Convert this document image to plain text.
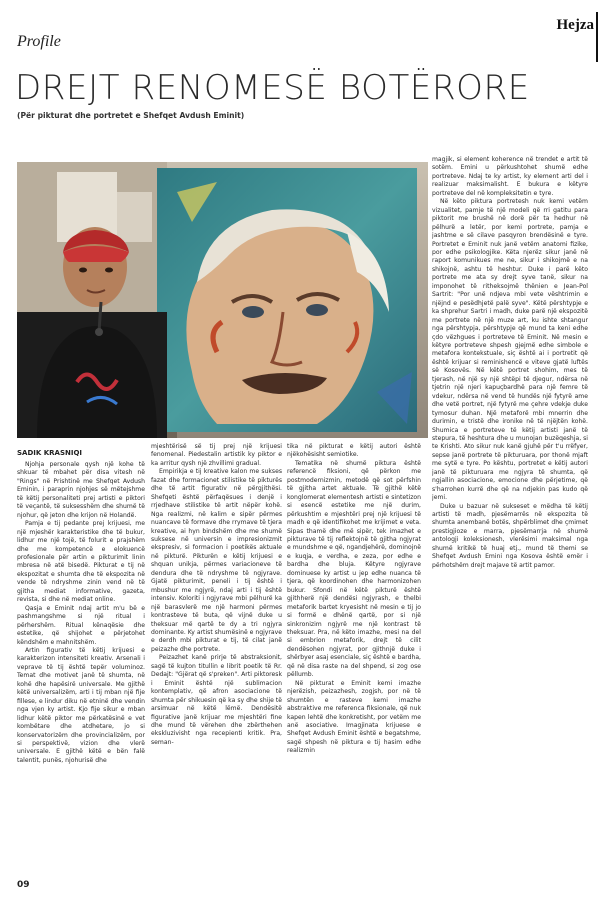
Profile
Hejza
DREJT RENOMESË BOTËRORE
(Për pikturat dhe portretet e Shefqet Avdush Eminit)
SADIK KRASNIQI

Njohja personale qysh një kohe të shkuar të mbahet për disa vitesh në "Rings" në Prishtinë me Shefqet Avdush Eminin, i paraprin njohjes së mëtejshme të këtij personaliteti prej artisti e piktori të veçantë, të suksesshëm dhe shumë të njohur, që jeton dhe krijon në Holandë.

Pamja e tij pedante prej krijuesi, me një mjeshër karakteristike dhe të bukur, lidhur me një tojë, të folurit e prajshëm dhe me kompetencë e elokuencë profesionale për artin e pikturimit linin mbresa në atë bisedë. Pikturat e tij në ekspozitat e shumta dhe të ekspozita në vende të ndryshme zinin vend në të gjitha mediat informative, gazeta, revista, si dhe në mediat online.

Qasja e Eminit ndaj artit m'u bë e pashmangshme si një ritual i përhershëm. Ritual kënaqësie dhe estetike, që shijohet e përjetohet këndshëm e mahnitshëm.

Artin figurativ të këtij krijuesi e karakterizon intensiteti kreativ. Arsenali i veprave të tij është tepër voluminoz. Temat dhe motivet janë të shumta, në kohë dhe hapësirë universale. Me gjithë këtë universalizëm, arti i tij mban një fije fillese, e lindur diku në etninë dhe vendin nga vjen ky artist. Kjo fije sikur e mban lidhur këtë piktor me përkatësinë e vet kombëtare dhe atdhetare, jo si konservatorizëm dhe provincializëm, por si perspektivë, vizion dhe vlerë universale. E gjithë këtë e bën falë talentit, punës, njohurisë dhe

mjeshtërisë së tij prej një krijuesi fenomenal. Piedestalin artistik ky piktor e ka arritur qysh një zhvillimi gradual.

Empirikja e tij kreative kalon me sukses fazat dhe formacionet stilistike të pikturës dhe të artit figurativ në përgjithësi. Shefqeti është përfaqësues i denjë i rrjedhave stilistike të artit nëpër kohë. Nga realizmi, në kalim e sipër përmes nuancave të formave dhe rrymave të tjera kreative, ai hyn bindshëm dhe me shumë suksese në universin e impresionizmit ekspresiv, si formacion i poetikës aktuale në pikturë. Pikturën e këtij krijuesi e shquan unikja, përmes variacioneve të dendura dhe të ndryshme të ngjyrave. Gjatë pikturimit, peneli i tij është i mbushur me ngjyrë, ndaj arti i tij është intensiv. Koloriti i ngjyrave mbi pëlhurë ka një barasvlerë me një harmoni përmes kontrasteve të buta, që vijnë duke u theksuar më qartë te dy a tri ngjyra dominante. Ky artist shumësinë e ngjyrave e derdh mbi pikturat e tij, të cilat janë peizazhe dhe portrete.

Peizazhet kanë prirje të abstraksionit, sagë të kujton titullin e librit poetik të Rr. Dedajt: "Gjërat që s'preken". Arti piktoresk i Eminit është një sublimacion kontemplativ, që afron asociacione të shumta për shikuesin që ka sy dhe shije të arsimuar në këtë lëmë. Dendësitë figurative janë krijuar me mjeshtëri fine dhe mund të vërehen dhe zbërthehen ekskluzivisht nga recepienti kritik. Pra, seman-

tika në pikturat e këtij autori është njëkohësisht semiotike.

Tematika në shumë piktura është referencë fiksioni, që përkon me postmodernizmin, metodë që sot përfshin të gjitha artet aktuale. Të gjithë këtë konglomerat elementesh artisti e sintetizon si esencë estetike me një durim, përkushtim e mjeshtëri prej një krijuesi të madh e që identifikohet me krijimet e veta. Sipas thamë dhe më sipër, tek imazhet e pikturave të tij reflektojnë të gjitha ngjyrat e mundshme e që, ngandjehërë, dominojnë e kuqja, e verdha, e zeza, por edhe e bardha dhe bluja. Këtyre ngjyrave dominuese ky artist u jep edhe nuanca të tjera, që koordinohen dhe harmonizohen bukur. Sfondi në këtë pikturë është gjithherë një dendësi ngjyrash, e thelbi metaforik bartet kryesisht në mesin e tij jo si formë e dhënë qartë, por si një sinkronizim ngjyrë me një kontrast të theksuar. Pra, në këto imazhe, mesi na del si embrion metaforik, drejt të cilit dendësohen ngjyrat, por gjithnjë duke i shërbyer asaj esenciale, siç është e bardha, që në disa raste na del shpend, si zog ose pëllumb.

Në pikturat e Eminit kemi imazhe njerëzish, peizazhesh, zogjsh, por në të shumtën e rasteve kemi imazhe abstraktive me referenca fiksionale, që nuk kapen lehtë dhe konkretisht, por vetëm me anë asociative. Imagjinata krijuese e Shefqet Avdush Eminit është e begatshme, sagë shpesh në piktura e tij hasim edhe realizmin

magjik, si element koherence në trendet e artit të sotëm. Emini u përkushtohet shumë edhe portreteve. Ndaj te ky artist, ky element arti del i realizuar maksimalisht. E bukura e këtyre portreteve del në kompleksitetin e tyre.

Në këto piktura portretesh nuk kemi vetëm vizualitet, pamje të një modeli që rri gatitu para piktorit me brushë në dorë për ta hedhur në pëlhurë a letër, por kemi portrete, pamja e jashtme e së cilave pasqyron brendësinë e tyre. Portretet e Eminit nuk janë vetëm anatomi fizike, por edhe psikologjike. Këta njerëz sikur janë në raport komunikues me ne, sikur i shikojmë e na shikojnë, ashtu të heshtur. Duke i parë këto portrete me ata sy drejt syve tanë, sikur na imponohet të ritheksojmë thënien e Jean-Pol Sartrit: "Por unë ndjeva mbi vete vështrimin e njëjnd e pesëdhjetë palë syve". Këtë përshtypje e ka shprehur Sartri i madh, duke parë një ekspozitë me portrete në një muze art, ku ishte shtangur nga përshtypja, përshtypje që mund ta keni edhe çdo vëzhgues i portreteve të Eminit. Në mesin e këtyre portreteve shpesh gjejmë edhe simbole e metafora kontekstuale, siç është ai i portretit që është krijuar si reminishencë e viteve gjatë luftës së Kosovës. Në këtë portret shohim, mes të tjerash, në një sy një shtëpi të djegur, ndërsa në tjetrin një njeri kapuçbardhë para një femre të vdekur, ndërsa në vend të hundës një fytyrë ame dhe vetë portret, një fytyrë me çehre vdekje duke tymosur duhan. Një metaforë mbi mnerrin dhe durimin, e tristë dhe ironike në të njëjtën kohë. Shumica e portreteve të këtij artisti janë të stepura, të heshtura dhe u munojan buzëqeshja, si te Krishti. Ato sikur nuk kanë gjuhë për t'u rrëfyer, sepse janë portrete të pikturuara, por thonë mjaft me sytë e tyre. Po kështu, portretet e këtij autori janë të pikturuara me ngjyra të shumta, që ngjallin asociacione, emocione dhe përjetime, që s'harrohen kurrë dhe që na ndjekin pas kudo që jemi.

Duke u bazuar në sukseset e mëdha të këtij artisti të madh, pjesëmarrës në ekspozita të shumta anembanë botës, shpërblimet dhe çmimet prestigjioze e marra, pjesëmarrja në shumë antologji koleksionesh, vlerësimi maksimal nga shumë kritikë të huaj etj., mund të themi se Shefqet Avdush Emini nga Kosova është emër i përhotshëm drejt majave të artit pamor.

09
